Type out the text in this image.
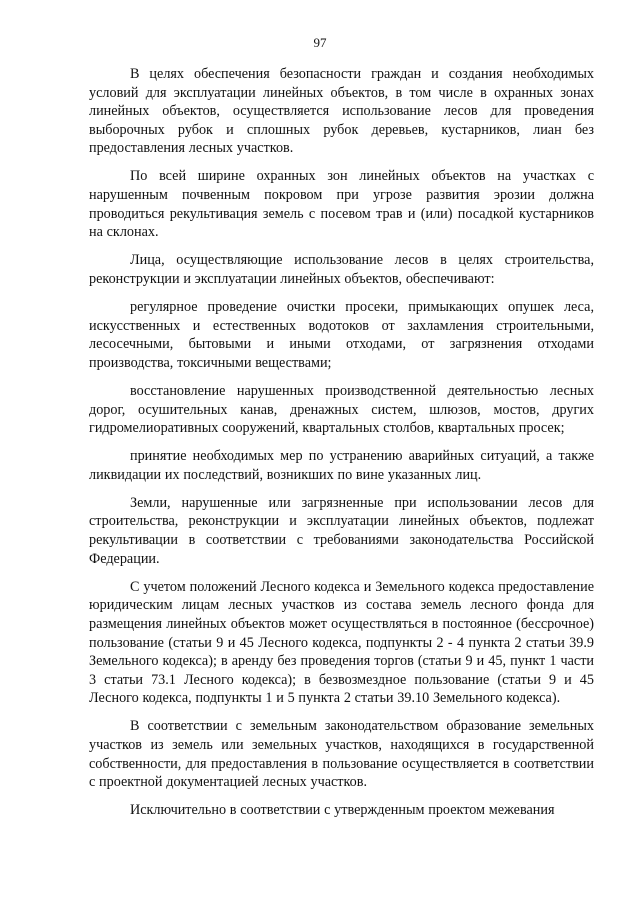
97

В целях обеспечения безопасности граждан и создания необходимых условий для эксплуатации линейных объектов, в том числе в охранных зонах линейных объектов, осуществляется использование лесов для проведения выборочных рубок и сплошных рубок деревьев, кустарников, лиан без предоставления лесных участков.

По всей ширине охранных зон линейных объектов на участках с нарушенным почвенным покровом при угрозе развития эрозии должна проводиться рекультивация земель с посевом трав и (или) посадкой кустарников на склонах.

Лица, осуществляющие использование лесов в целях строительства, реконструкции и эксплуатации линейных объектов, обеспечивают:

регулярное проведение очистки просеки, примыкающих опушек леса, искусственных и естественных водотоков от захламления строительными, лесосечными, бытовыми и иными отходами, от загрязнения отходами производства, токсичными веществами;

восстановление нарушенных производственной деятельностью лесных дорог, осушительных канав, дренажных систем, шлюзов, мостов, других гидромелиоративных сооружений, квартальных столбов, квартальных просек;

принятие необходимых мер по устранению аварийных ситуаций, а также ликвидации их последствий, возникших по вине указанных лиц.

Земли, нарушенные или загрязненные при использовании лесов для строительства, реконструкции и эксплуатации линейных объектов, подлежат рекультивации в соответствии с требованиями законодательства Российской Федерации.

С учетом положений Лесного кодекса и Земельного кодекса предоставление юридическим лицам лесных участков из состава земель лесного фонда для размещения линейных объектов может осуществляться в постоянное (бессрочное) пользование (статьи 9 и 45 Лесного кодекса, подпункты 2 - 4 пункта 2 статьи 39.9 Земельного кодекса); в аренду без проведения торгов (статьи 9 и 45, пункт 1 части 3 статьи 73.1 Лесного кодекса); в безвозмездное пользование (статьи 9 и 45 Лесного кодекса, подпункты 1 и 5 пункта 2 статьи 39.10 Земельного кодекса).

В соответствии с земельным законодательством образование земельных участков из земель или земельных участков, находящихся в государственной собственности, для предоставления в пользование осуществляется в соответствии с проектной документацией лесных участков.

Исключительно в соответствии с утвержденным проектом межевания
